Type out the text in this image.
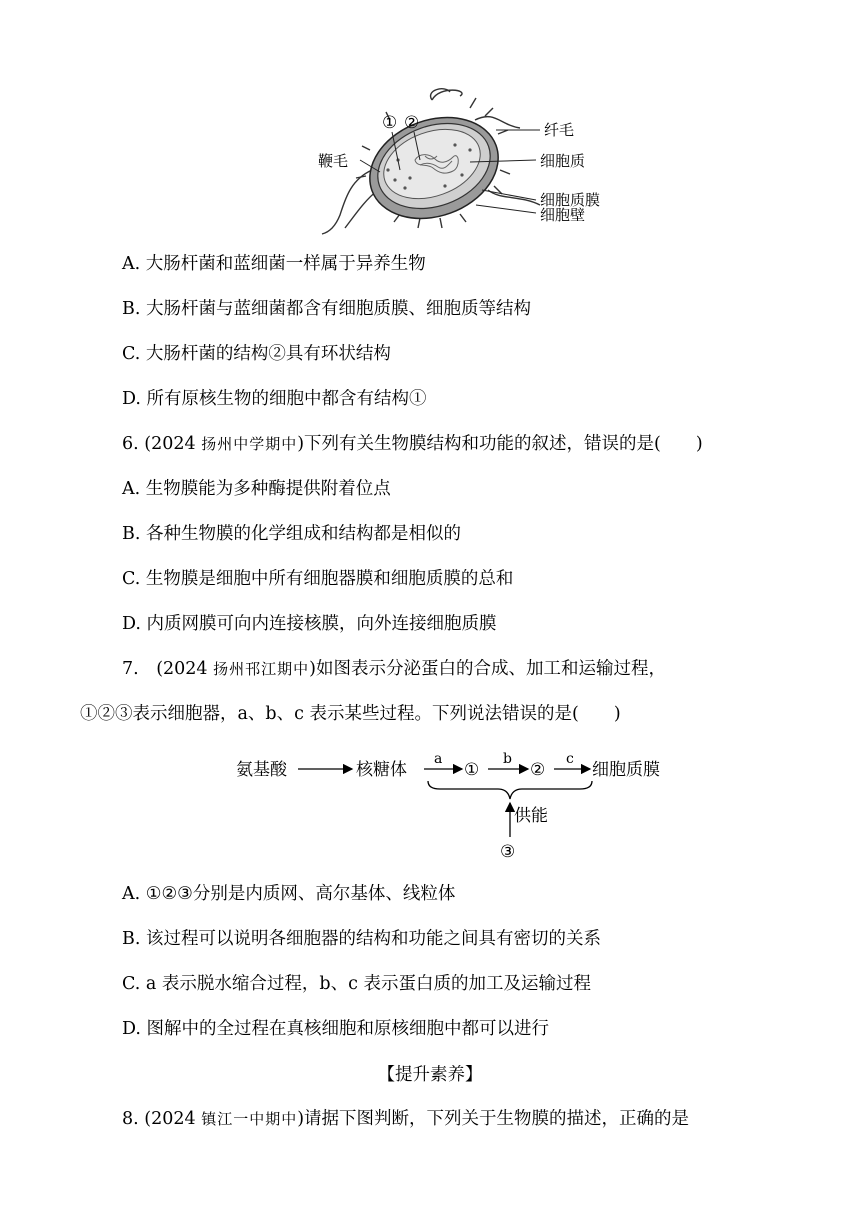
① ②
鞭毛
纤毛
细胞质
细胞质膜
细胞壁
A. 大肠杆菌和蓝细菌一样属于异养生物
B. 大肠杆菌与蓝细菌都含有细胞质膜、细胞质等结构
C. 大肠杆菌的结构②具有环状结构
D. 所有原核生物的细胞中都含有结构①
6. (2024 扬州中学期中)下列有关生物膜结构和功能的叙述，错误的是(　　)
A. 生物膜能为多种酶提供附着位点
B. 各种生物膜的化学组成和结构都是相似的
C. 生物膜是细胞中所有细胞器膜和细胞质膜的总和
D. 内质网膜可向内连接核膜，向外连接细胞质膜
7.　(2024 扬州邗江期中)如图表示分泌蛋白的合成、加工和运输过程，
①②③表示细胞器，a、b、c 表示某些过程。下列说法错误的是(　　)
氨基酸	核糖体
a
①
b
②
c
细胞质膜
供能
③
A. ①②③分别是内质网、高尔基体、线粒体
B. 该过程可以说明各细胞器的结构和功能之间具有密切的关系
C. a 表示脱水缩合过程，b、c 表示蛋白质的加工及运输过程
D. 图解中的全过程在真核细胞和原核细胞中都可以进行
【提升素养】
8. (2024 镇江一中期中)请据下图判断，下列关于生物膜的描述，正确的是
